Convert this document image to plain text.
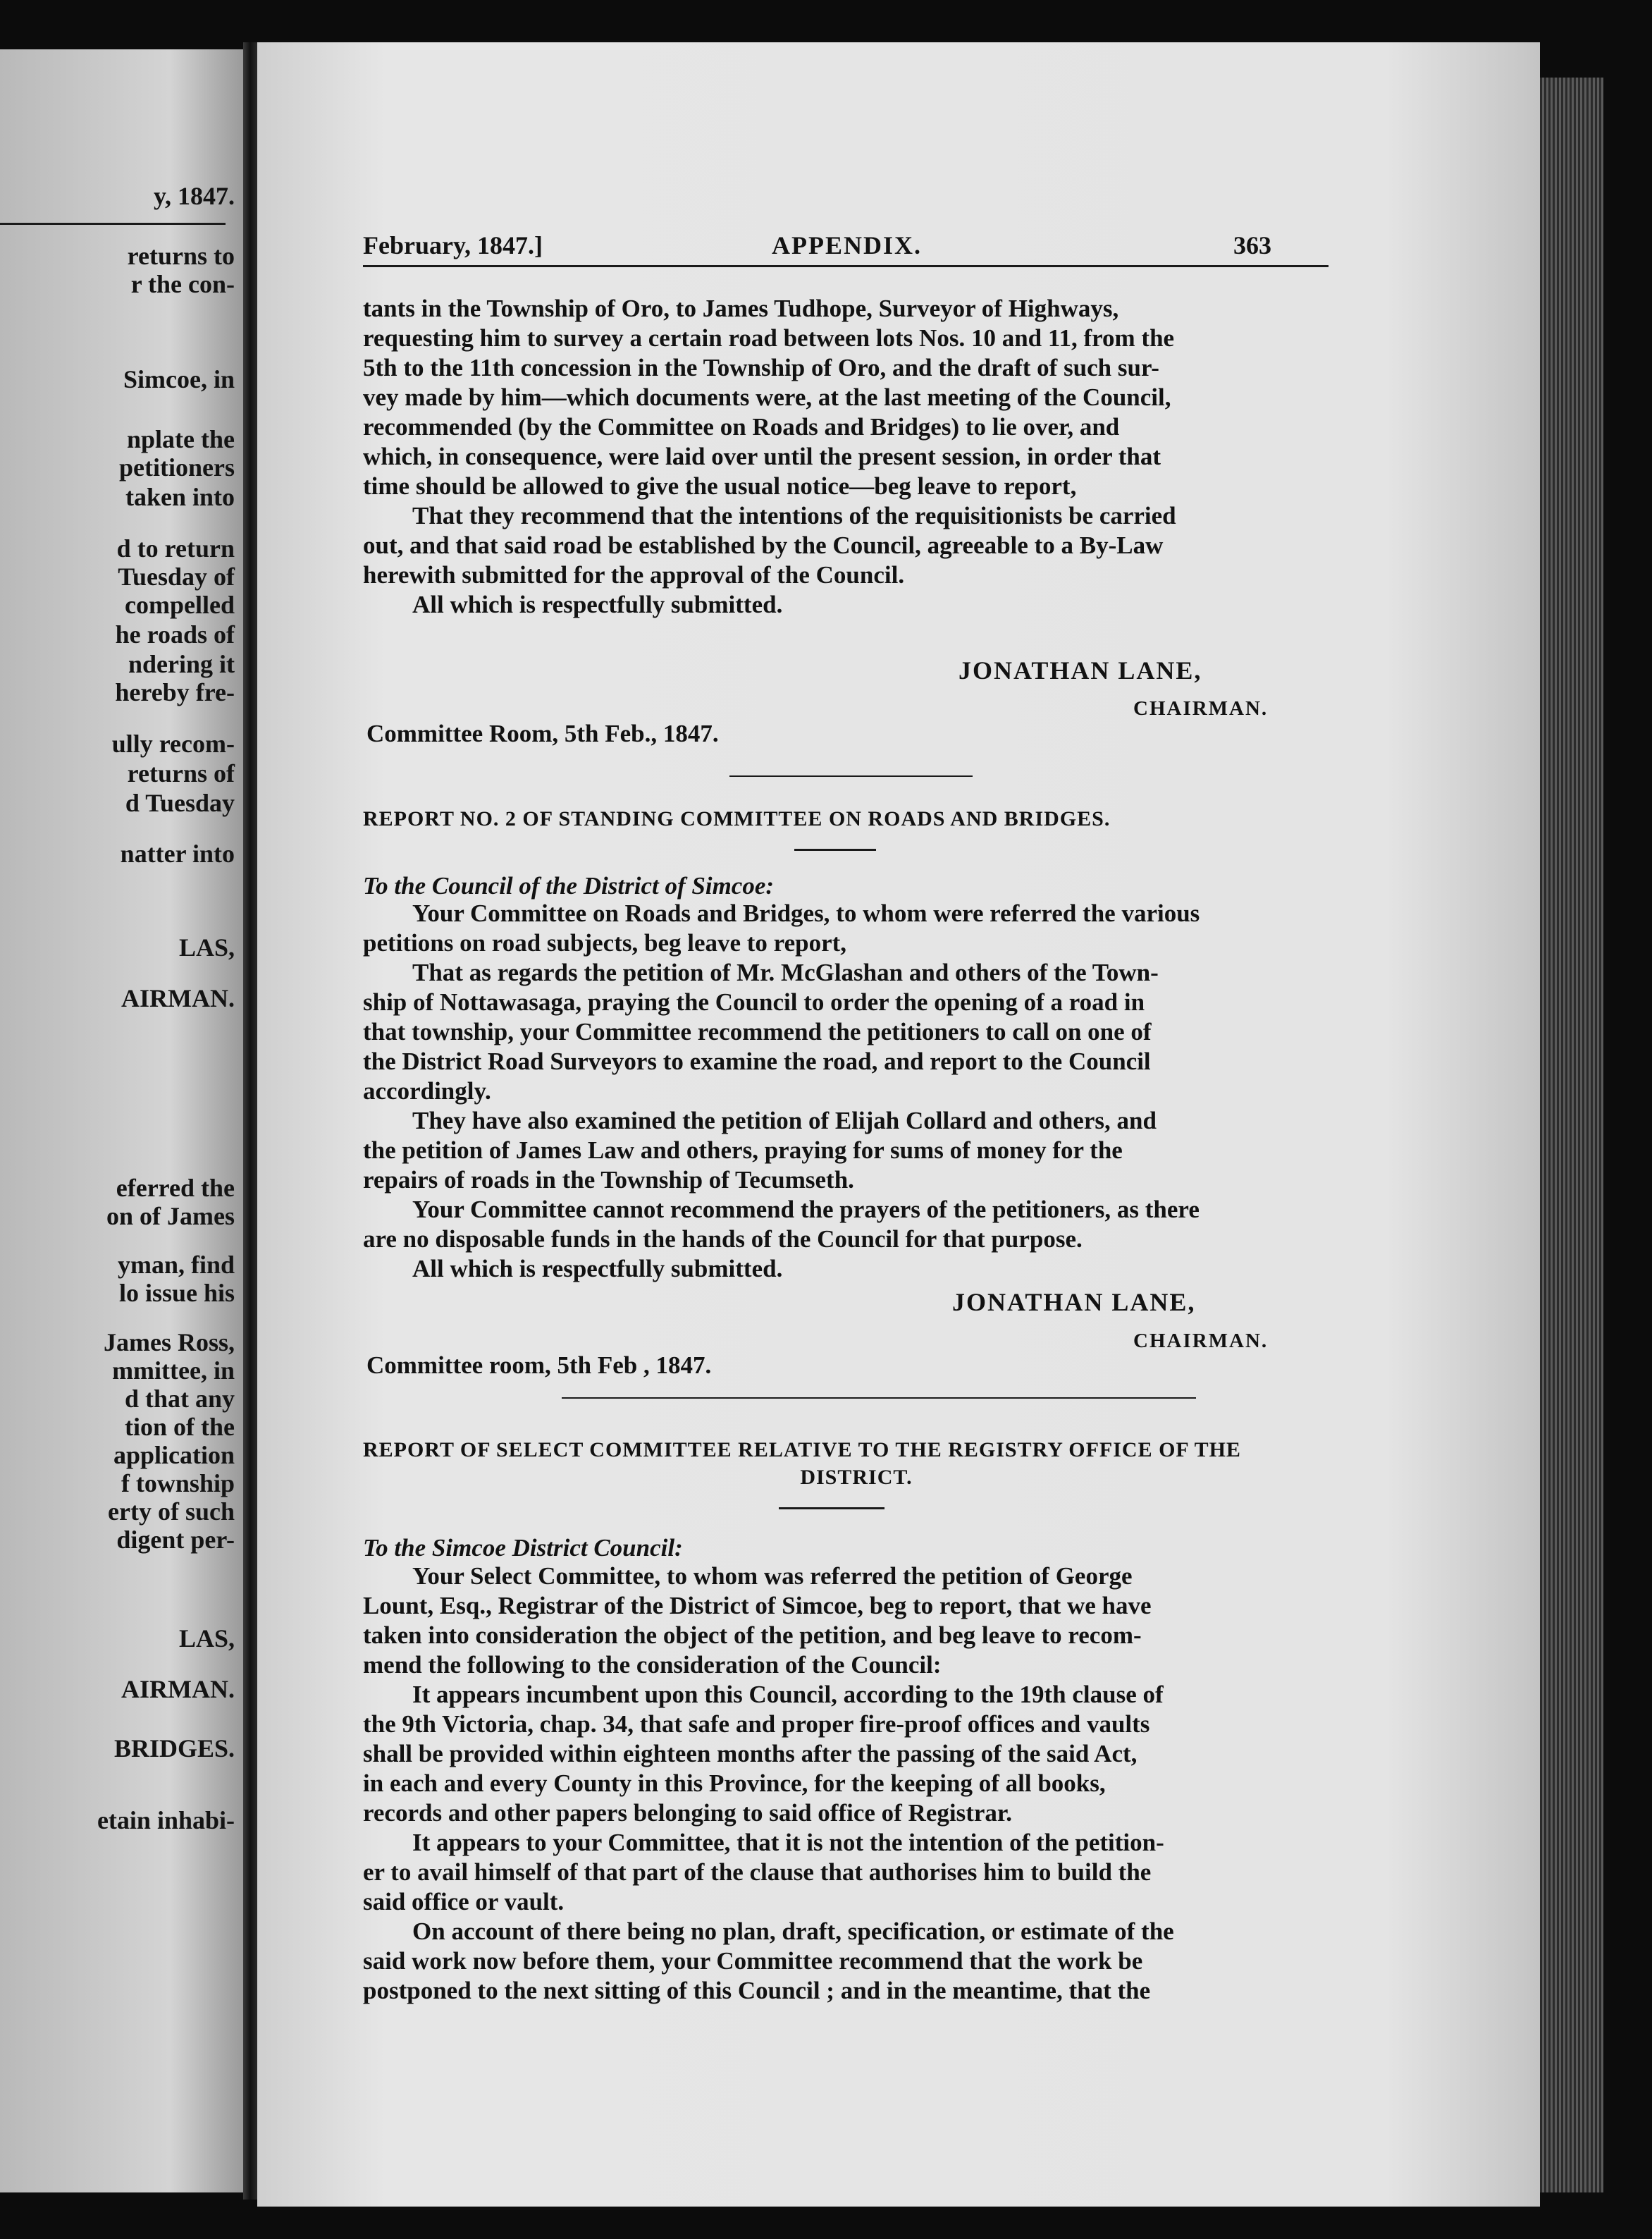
y, 1847.
returns to
r the con-
Simcoe, in
nplate the
petitioners
taken into
d to return
Tuesday of
compelled
he roads of
ndering it
hereby fre-
ully recom-
returns of
d Tuesday
natter into
LAS,
AIRMAN.
eferred the
on of James
yman, find
lo issue his
James Ross,
mmittee, in
d that any
tion of the
application
f township
erty of such
digent per-
LAS,
AIRMAN.
BRIDGES.
etain inhabi-
February, 1847.]	APPENDIX.	363
tants in the Township of Oro, to James Tudhope, Surveyor of Highways,
requesting him to survey a certain road between lots Nos. 10 and 11, from the
5th to the 11th concession in the Township of Oro, and the draft of such sur-
vey made by him—which documents were, at the last meeting of the Council,
recommended (by the Committee on Roads and Bridges) to lie over, and
which, in consequence, were laid over until the present session, in order that
time should be allowed to give the usual notice—beg leave to report,
That they recommend that the intentions of the requisitionists be carried
out, and that said road be established by the Council, agreeable to a By-Law
herewith submitted for the approval of the Council.
All which is respectfully submitted.
JONATHAN LANE,
CHAIRMAN.
Committee Room, 5th Feb., 1847.
REPORT NO. 2 OF STANDING COMMITTEE ON ROADS AND BRIDGES.
To the Council of the District of Simcoe:
Your Committee on Roads and Bridges, to whom were referred the various
petitions on road subjects, beg leave to report,
That as regards the petition of Mr. McGlashan and others of the Town-
ship of Nottawasaga, praying the Council to order the opening of a road in
that township, your Committee recommend the petitioners to call on one of
the District Road Surveyors to examine the road, and report to the Council
accordingly.
They have also examined the petition of Elijah Collard and others, and
the petition of James Law and others, praying for sums of money for the
repairs of roads in the Township of Tecumseth.
Your Committee cannot recommend the prayers of the petitioners, as there
are no disposable funds in the hands of the Council for that purpose.
All which is respectfully submitted.
JONATHAN LANE,
CHAIRMAN.
Committee room, 5th Feb , 1847.
REPORT OF SELECT COMMITTEE RELATIVE TO THE REGISTRY OFFICE OF THE
DISTRICT.
To the Simcoe District Council:
Your Select Committee, to whom was referred the petition of George
Lount, Esq., Registrar of the District of Simcoe, beg to report, that we have
taken into consideration the object of the petition, and beg leave to recom-
mend the following to the consideration of the Council:
It appears incumbent upon this Council, according to the 19th clause of
the 9th Victoria, chap. 34, that safe and proper fire-proof offices and vaults
shall be provided within eighteen months after the passing of the said Act,
in each and every County in this Province, for the keeping of all books,
records and other papers belonging to said office of Registrar.
It appears to your Committee, that it is not the intention of the petition-
er to avail himself of that part of the clause that authorises him to build the
said office or vault.
On account of there being no plan, draft, specification, or estimate of the
said work now before them, your Committee recommend that the work be
postponed to the next sitting of this Council ; and in the meantime, that the
